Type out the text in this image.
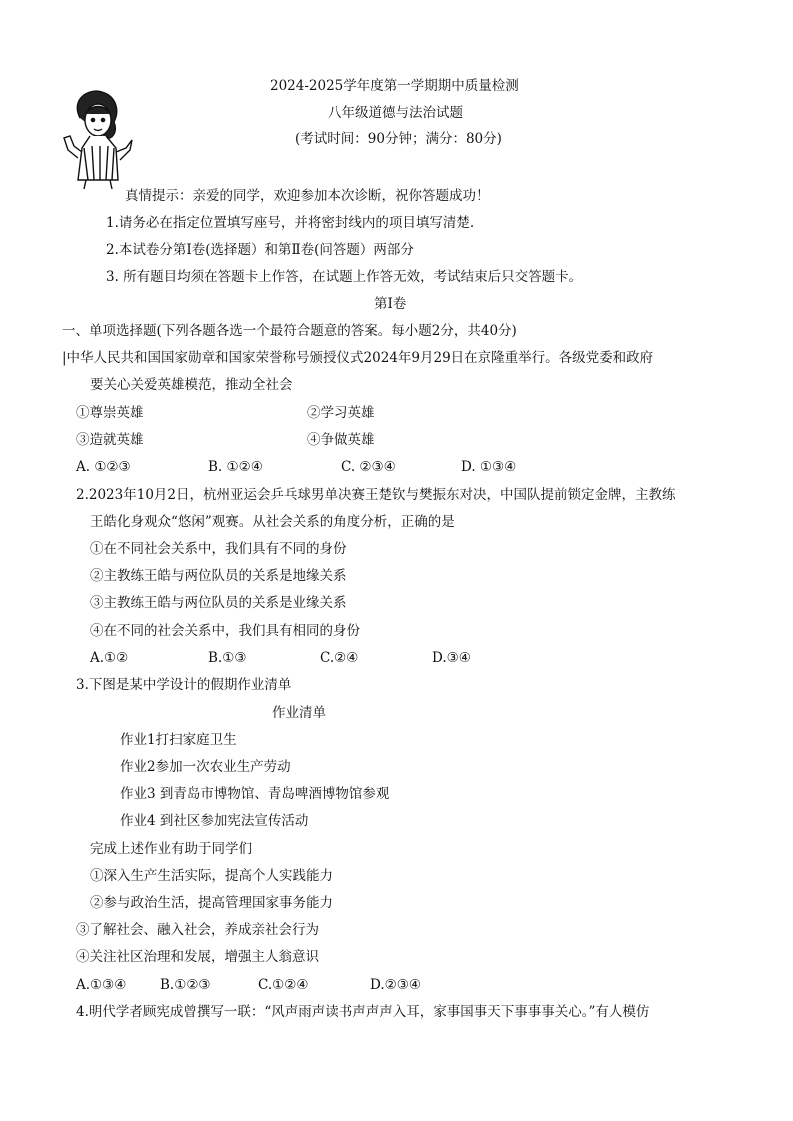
2024-2025学年度第一学期期中质量检测
八年级道德与法治试题
(考试时间：90分钟；满分：80分)
真情提示：亲爱的同学，欢迎参加本次诊断，祝你答题成功！
1.请务必在指定位置填写座号，并将密封线内的项目填写清楚.
2.本试卷分第Ⅰ卷(选择题）和第Ⅱ卷(问答题）两部分
3. 所有题目均须在答题卡上作答，在试题上作答无效，考试结束后只交答题卡。
第Ⅰ卷
一、单项选择题(下列各题各选一个最符合题意的答案。每小题2分，共40分)
|中华人民共和国国家勋章和国家荣誉称号颁授仪式2024年9月29日在京隆重举行。各级党委和政府
要关心关爱英雄模范，推动全社会
①尊崇英雄	②学习英雄
③造就英雄	④争做英雄
A. ①②③	B. ①②④	C. ②③④	D. ①③④
2.2023年10月2日，杭州亚运会乒乓球男单决赛王楚钦与樊振东对决，中国队提前锁定金牌，主教练
王皓化身观众“悠闲”观赛。从社会关系的角度分析，正确的是
①在不同社会关系中，我们具有不同的身份
②主教练王皓与两位队员的关系是地缘关系
③主教练王皓与两位队员的关系是业缘关系
④在不同的社会关系中，我们具有相同的身份
A.①②	B.①③	C.②④	D.③④
3.下图是某中学设计的假期作业清单
作业清单
作业1打扫家庭卫生
作业2参加一次农业生产劳动
作业3 到青岛市博物馆、青岛啤酒博物馆参观
作业4 到社区参加宪法宣传活动
完成上述作业有助于同学们
①深入生产生活实际，提高个人实践能力
②参与政治生活，提高管理国家事务能力
③了解社会、融入社会，养成亲社会行为
④关注社区治理和发展，增强主人翁意识
A.①③④ B.①②③	C.①②④	D.②③④
4.明代学者顾宪成曾撰写一联：“风声雨声读书声声声入耳，家事国事天下事事事关心。”有人模仿
